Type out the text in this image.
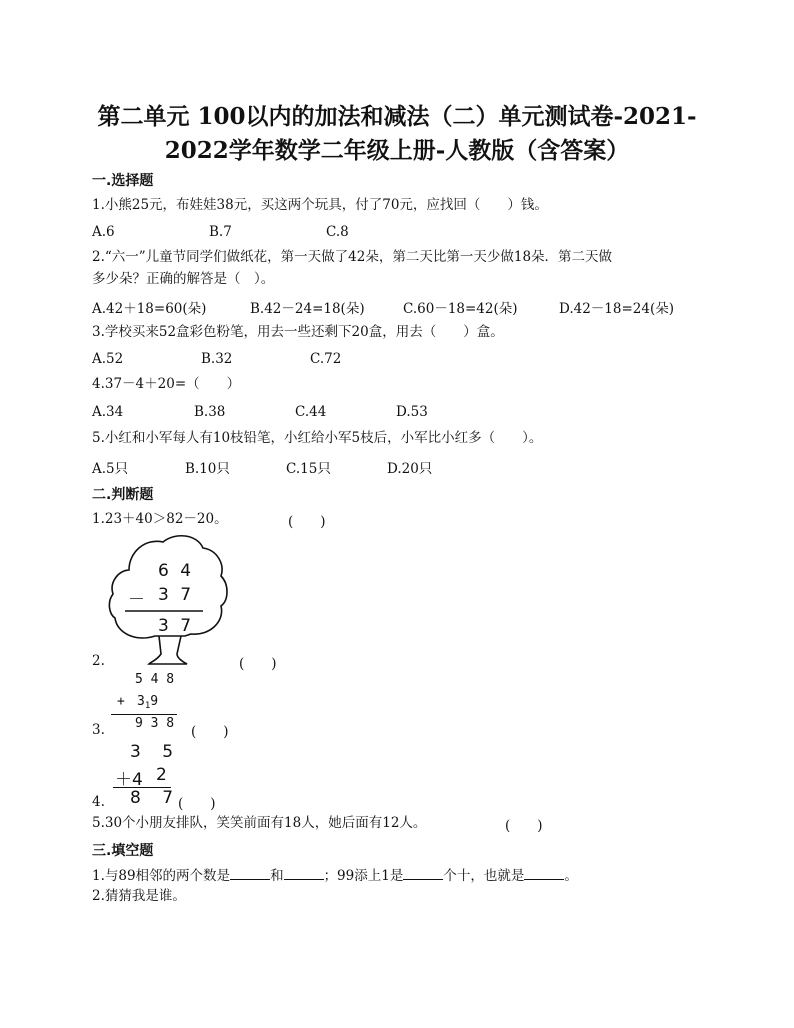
第二单元 100以内的加法和减法（二）单元测试卷-2021-
2022学年数学二年级上册-人教版（含答案）
一.选择题
1.小熊25元，布娃娃38元，买这两个玩具，付了70元，应找回（　　）钱。
A.6	B.7	C.8
2.“六一”儿童节同学们做纸花，第一天做了42朵，第二天比第一天少做18朵．第二天做
多少朵？正确的解答是（　）。
A.42＋18=60(朵)	B.42－24=18(朵)	C.60－18=42(朵)	D.42－18=24(朵)
3.学校买来52盒彩色粉笔，用去一些还剩下20盒，用去（　　）盒。
A.52	B.32	C.72
4.37－4＋20=（　　）
A.34	B.38	C.44	D.53
5.小红和小军每人有10枝铅笔，小红给小军5枝后，小军比小红多（　　）。
A.5只	B.10只	C.15只	D.20只
二.判断题
1.23＋40＞82－20。	(　　)
6 4
－ 3 7
3 7
2.	(　　)
5 4 8
+ $3_19$
9 3 8
3.	(　　)
3 5
＋4 2
8 7
4.	(　　)
5.30个小朋友排队，笑笑前面有18人，她后面有12人。	(　　)
三.填空题
1.与89相邻的两个数是	和	；99添上1是	个十，也就是	。
2.猜猜我是谁。
